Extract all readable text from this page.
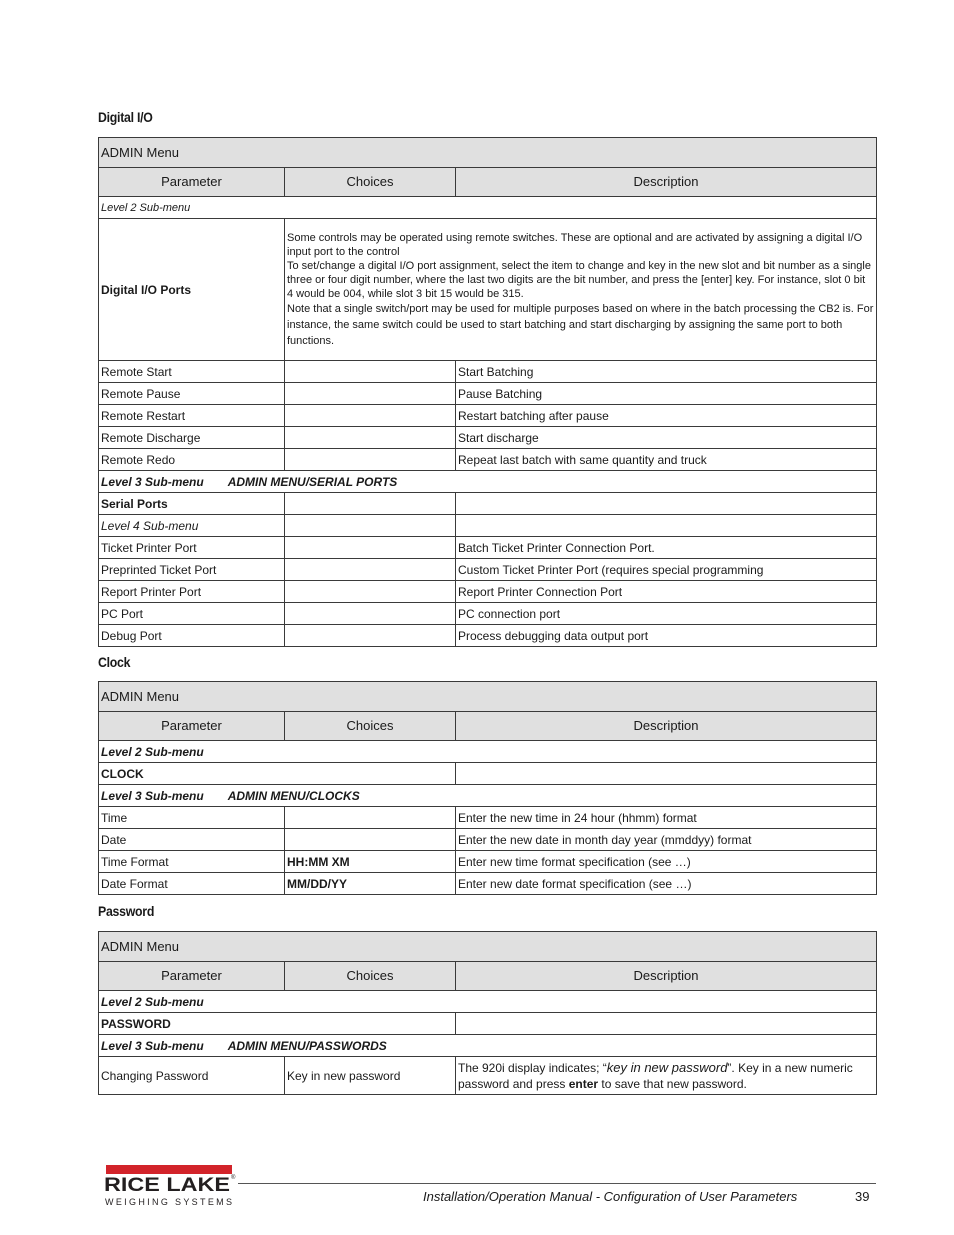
Digital I/O
ADMIN Menu		
Parameter	Choices	Description
Level 2 Sub-menu		
Digital I/O Ports	Some controls may be operated using remote switches. These are optional and are activated by assigning a digital I/O input port to the control
To set/change a digital I/O port assignment, select the item to change and key in the new slot and bit number as a single three or four digit number, where the last two digits are the bit number, and press the [enter] key. For instance, slot 0 bit 4 would be 004, while slot 3 bit 15 would be 315.
Note that a single switch/port may be used for multiple purposes based on where in the batch processing the CB2 is. For instance, the same switch could be used to start batching and start discharging by assigning the same port to both functions.	

Remote Start		Start Batching
Remote Pause		Pause Batching
Remote Restart		Restart batching after pause
Remote Discharge		Start discharge
Remote Redo		Repeat last batch with same quantity and truck
Level 3 Sub-menu ADMIN MENU/SERIAL PORTS		
Serial Ports		
Level 4 Sub-menu		
Ticket Printer Port		Batch Ticket Printer Connection Port.
Preprinted Ticket Port		Custom Ticket Printer Port (requires special programming
Report Printer Port		Report Printer Connection Port
PC Port		PC connection port
Debug Port		Process debugging data output port
Clock
ADMIN Menu		
Parameter	Choices	Description
Level 2 Sub-menu		
CLOCK		
Level 3 Sub-menu ADMIN MENU/CLOCKS		
Time		Enter the new time in 24 hour (hhmm) format
Date		Enter the new date in month day year (mmddyy) format
Time Format	HH:MM XM	Enter new time format specification (see …)
Date Format	MM/DD/YY	Enter new date format specification (see …)
Password
ADMIN Menu		
Parameter	Choices	Description
Level 2 Sub-menu		
PASSWORD		
Level 3 Sub-menu ADMIN MENU/PASSWORDS		
Changing Password	Key in new password	The 920i display indicates; “key in new password”. Key in a new numeric password and press enter to save that new password.
RICE LAKE ®
WEIGHING SYSTEMS	Installation/Operation Manual - Configuration of User Parameters	39
